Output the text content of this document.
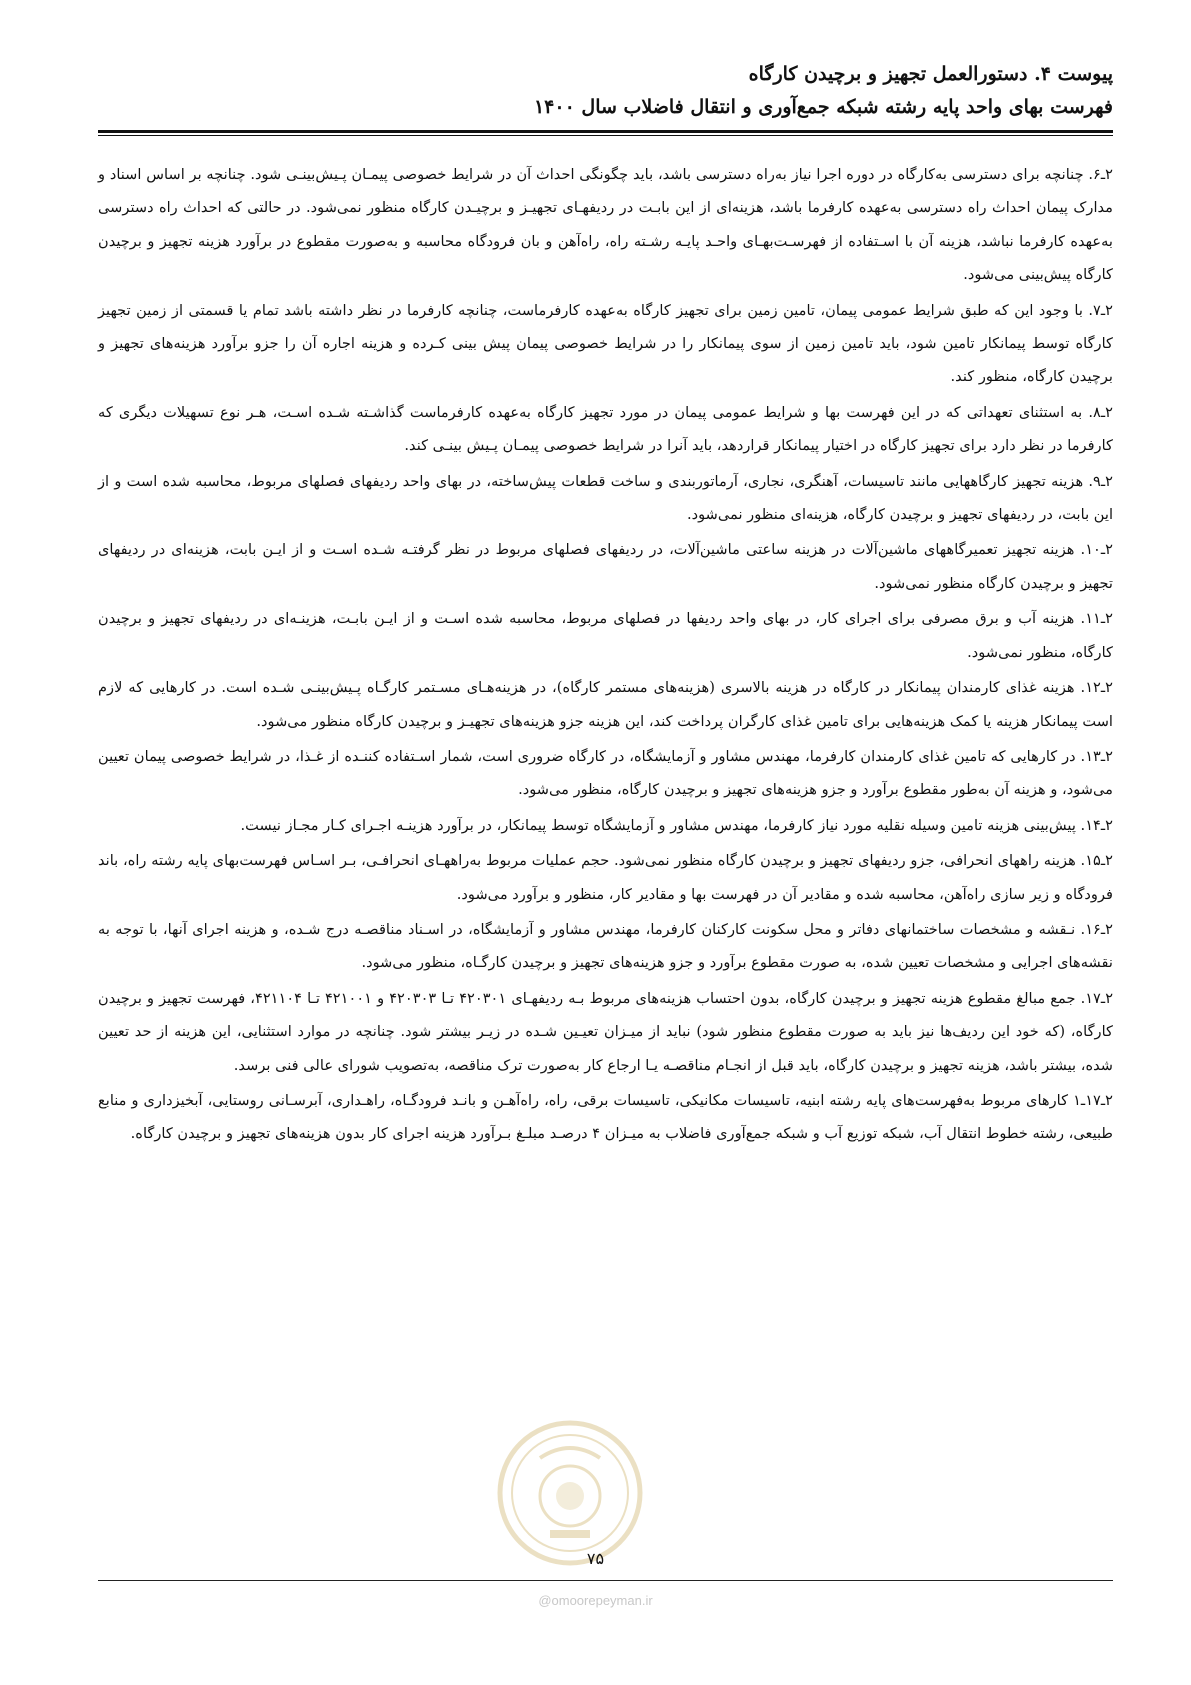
پیوست ۴. دستورالعمل تجهیز و برچیدن کارگاه
فهرست بهای واحد پایه رشته شبکه جمع‌آوری و انتقال فاضلاب سال ۱۴۰۰

۲ـ۶. چنانچه برای دسترسی به‌کارگاه در دوره اجرا نیاز به‌راه دسترسی باشد، باید چگونگی احداث آن در شرایط خصوصی پیمـان پـیش‌بینـی شود. چنانچه بر اساس اسناد و مدارک پیمان احداث راه دسترسی به‌عهده کارفرما باشد، هزینه‌ای از این بابـت در ردیفهـای تجهیـز و برچیـدن کارگاه منظور نمی‌شود. در حالتی که احداث راه دسترسی به‌عهده کارفرما نباشد، هزینه آن با اسـتفاده از فهرسـت‌بهـای واحـد پایـه رشـته راه، راه‌آهن و بان فرودگاه محاسبه و به‌صورت مقطوع در برآورد هزینه تجهیز و برچیدن کارگاه پیش‌بینی می‌شود.

۲ـ۷. با وجود این که طبق شرایط عمومی پیمان، تامین زمین برای تجهیز کارگاه به‌عهده کارفرماست، چنانچه کارفرما در نظر داشته باشد تمام یا قسمتی از زمین تجهیز کارگاه توسط پیمانکار تامین شود، باید تامین زمین از سوی پیمانکار را در شرایط خصوصی پیمان پیش بینی کـرده و هزینه اجاره آن را جزو برآورد هزینه‌های تجهیز و برچیدن کارگاه، منظور کند.

۲ـ۸. به استثنای تعهداتی که در این فهرست بها و شرایط عمومی پیمان در مورد تجهیز کارگاه به‌عهده کارفرماست گذاشـته شـده اسـت، هـر نوع تسهیلات دیگری که کارفرما در نظر دارد برای تجهیز کارگاه در اختیار پیمانکار قراردهد، باید آنرا در شرایط خصوصی پیمـان پـیش بینـی کند.

۲ـ۹. هزینه تجهیز کارگاههایی مانند تاسیسات، آهنگری، نجاری، آرماتوربندی و ساخت قطعات پیش‌ساخته، در بهای واحد ردیفهای فصلهای مربوط، محاسبه شده است و از این بابت، در ردیفهای تجهیز و برچیدن کارگاه، هزینه‌ای منظور نمی‌شود.

۲ـ۱۰. هزینه تجهیز تعمیرگاههای ماشین‌آلات در هزینه ساعتی ماشین‌آلات، در ردیفهای فصلهای مربوط در نظر گرفتـه شـده اسـت و از ایـن بابت، هزینه‌ای در ردیفهای تجهیز و برچیدن کارگاه منظور نمی‌شود.

۲ـ۱۱. هزینه آب و برق مصرفی برای اجرای کار، در بهای واحد ردیفها در فصلهای مربوط، محاسبه شده اسـت و از ایـن بابـت، هزینـه‌ای در ردیفهای تجهیز و برچیدن کارگاه، منظور نمی‌شود.

۲ـ۱۲. هزینه غذای کارمندان پیمانکار در کارگاه در هزینه بالاسری (هزینه‌های مستمر کارگاه)، در هزینه‌هـای مسـتمر کارگـاه پـیش‌بینـی شـده است. در کارهایی که لازم است پیمانکار هزینه یا کمک هزینه‌هایی برای تامین غذای کارگران پرداخت کند، این هزینه جزو هزینه‌های تجهیـز و برچیدن کارگاه منظور می‌شود.

۲ـ۱۳. در کارهایی که تامین غذای کارمندان کارفرما، مهندس مشاور و آزمایشگاه، در کارگاه ضروری است، شمار اسـتفاده کننـده از غـذا، در شرایط خصوصی پیمان تعیین می‌شود، و هزینه آن به‌طور مقطوع برآورد و جزو هزینه‌های تجهیز و برچیدن کارگاه، منظور می‌شود.

۲ـ۱۴. پیش‌بینی هزینه تامین وسیله نقلیه مورد نیاز کارفرما، مهندس مشاور و آزمایشگاه توسط پیمانکار، در برآورد هزینـه اجـرای کـار مجـاز نیست.

۲ـ۱۵. هزینه راههای انحرافی، جزو ردیفهای تجهیز و برچیدن کارگاه منظور نمی‌شود. حجم عملیات مربوط به‌راههـای انحرافـی، بـر اسـاس فهرست‌بهای پایه رشته راه، باند فرودگاه و زیر سازی راه‌آهن، محاسبه شده و مقادیر آن در فهرست بها و مقادیر کار، منظور و برآورد می‌شود.

۲ـ۱۶. نـقشه و مشخصات ساختمانهای دفاتر و محل سکونت کارکنان کارفرما، مهندس مشاور و آزمایشگاه، در اسـناد مناقصـه درج شـده، و هزینه اجرای آنها، با توجه به نقشه‌های اجرایی و مشخصات تعیین شده، به صورت مقطوع برآورد و جزو هزینه‌های تجهیز و برچیدن کارگـاه، منظور می‌شود.

۲ـ۱۷. جمع مبالغ مقطوع هزینه تجهیز و برچیدن کارگاه، بدون احتساب هزینه‌های مربوط بـه ردیفهـای ۴۲۰۳۰۱ تـا ۴۲۰۳۰۳ و ۴۲۱۰۰۱ تـا ۴۲۱۱۰۴، فهرست تجهیز و برچیدن کارگاه، (که خود این ردیف‌ها نیز باید به صورت مقطوع منظور شود) نباید از میـزان تعیـین شـده در زیـر بیشتر شود. چنانچه در موارد استثنایی، این هزینه از حد تعیین شده، بیشتر باشد، هزینه تجهیز و برچیدن کارگاه، باید قبل از انجـام مناقصـه یـا ارجاع کار به‌صورت ترک مناقصه، به‌تصویب شورای عالی فنی برسد.

۲ـ۱۷ـ۱ کارهای مربوط به‌فهرست‌های پایه رشته ابنیه، تاسیسات مکانیکی، تاسیسات برقی، راه، راه‌آهـن و بانـد فرودگـاه، راهـداری، آبرسـانی روستایی، آبخیزداری و منابع طبیعی، رشته خطوط انتقال آب، شبکه توزیع آب و شبکه جمع‌آوری فاضلاب به میـزان ۴ درصـد مبلـغ بـرآورد هزینه اجرای کار بدون هزینه‌های تجهیز و برچیدن کارگاه.

۷۵
@omoorepeyman.ir
